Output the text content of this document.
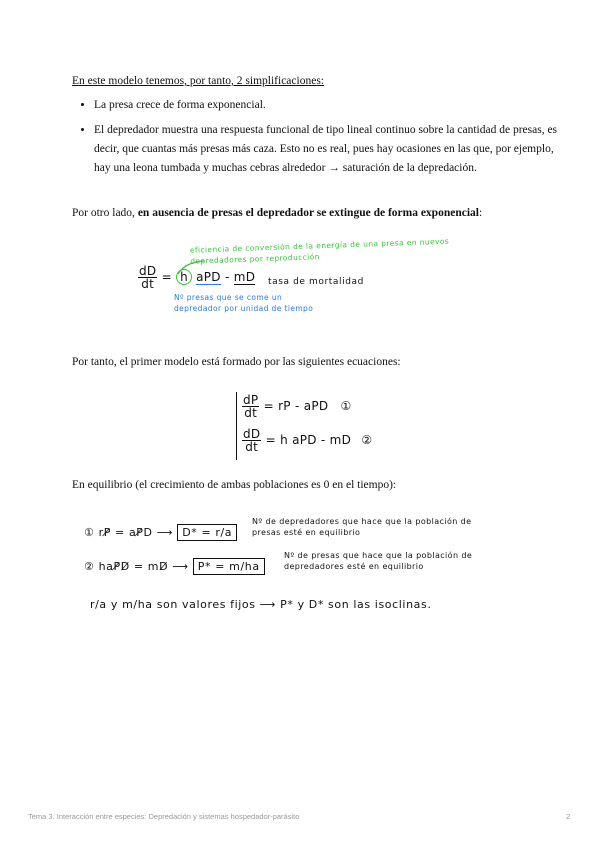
En este modelo tenemos, por tanto, 2 simplificaciones:
• La presa crece de forma exponencial.
• El depredador muestra una respuesta funcional de tipo lineal continuo sobre la cantidad de presas, es decir, que cuantas más presas más caza. Esto no es real, pues hay ocasiones en las que, por ejemplo, hay una leona tumbada y muchas cebras alrededor → saturación de la depredación.
Por otro lado, en ausencia de presas el depredador se extingue de forma exponencial:
eficiencia de conversión de la energía de una presa en nuevos depredadores por reproducción
$\frac{dD}{dt} = h$ aPD - mD tasa de mortalidad
Nº presas que se come un depredador por unidad de tiempo
Por tanto, el primer modelo está formado por las siguientes ecuaciones:
$\frac{dP}{dt}$ = rP - aPD ①
$\frac{dD}{dt} = h$ aPD - mD ②
En equilibrio (el crecimiento de ambas poblaciones es 0 en el tiempo):
① rP̸ = aP̸D ⟶ D* = r/a
Nº de depredadores que hace que la población de presas esté en equilibrio
② haP̸D̸ = mD̸ ⟶ P* = m/ha
Nº de presas que hace que la población de depredadores esté en equilibrio
r/a y m/ha son valores fijos ⟶ P* y D* son las isoclinas.
Tema 3. Interacción entre especies: Depredación y sistemas hospedador-parásito	2
